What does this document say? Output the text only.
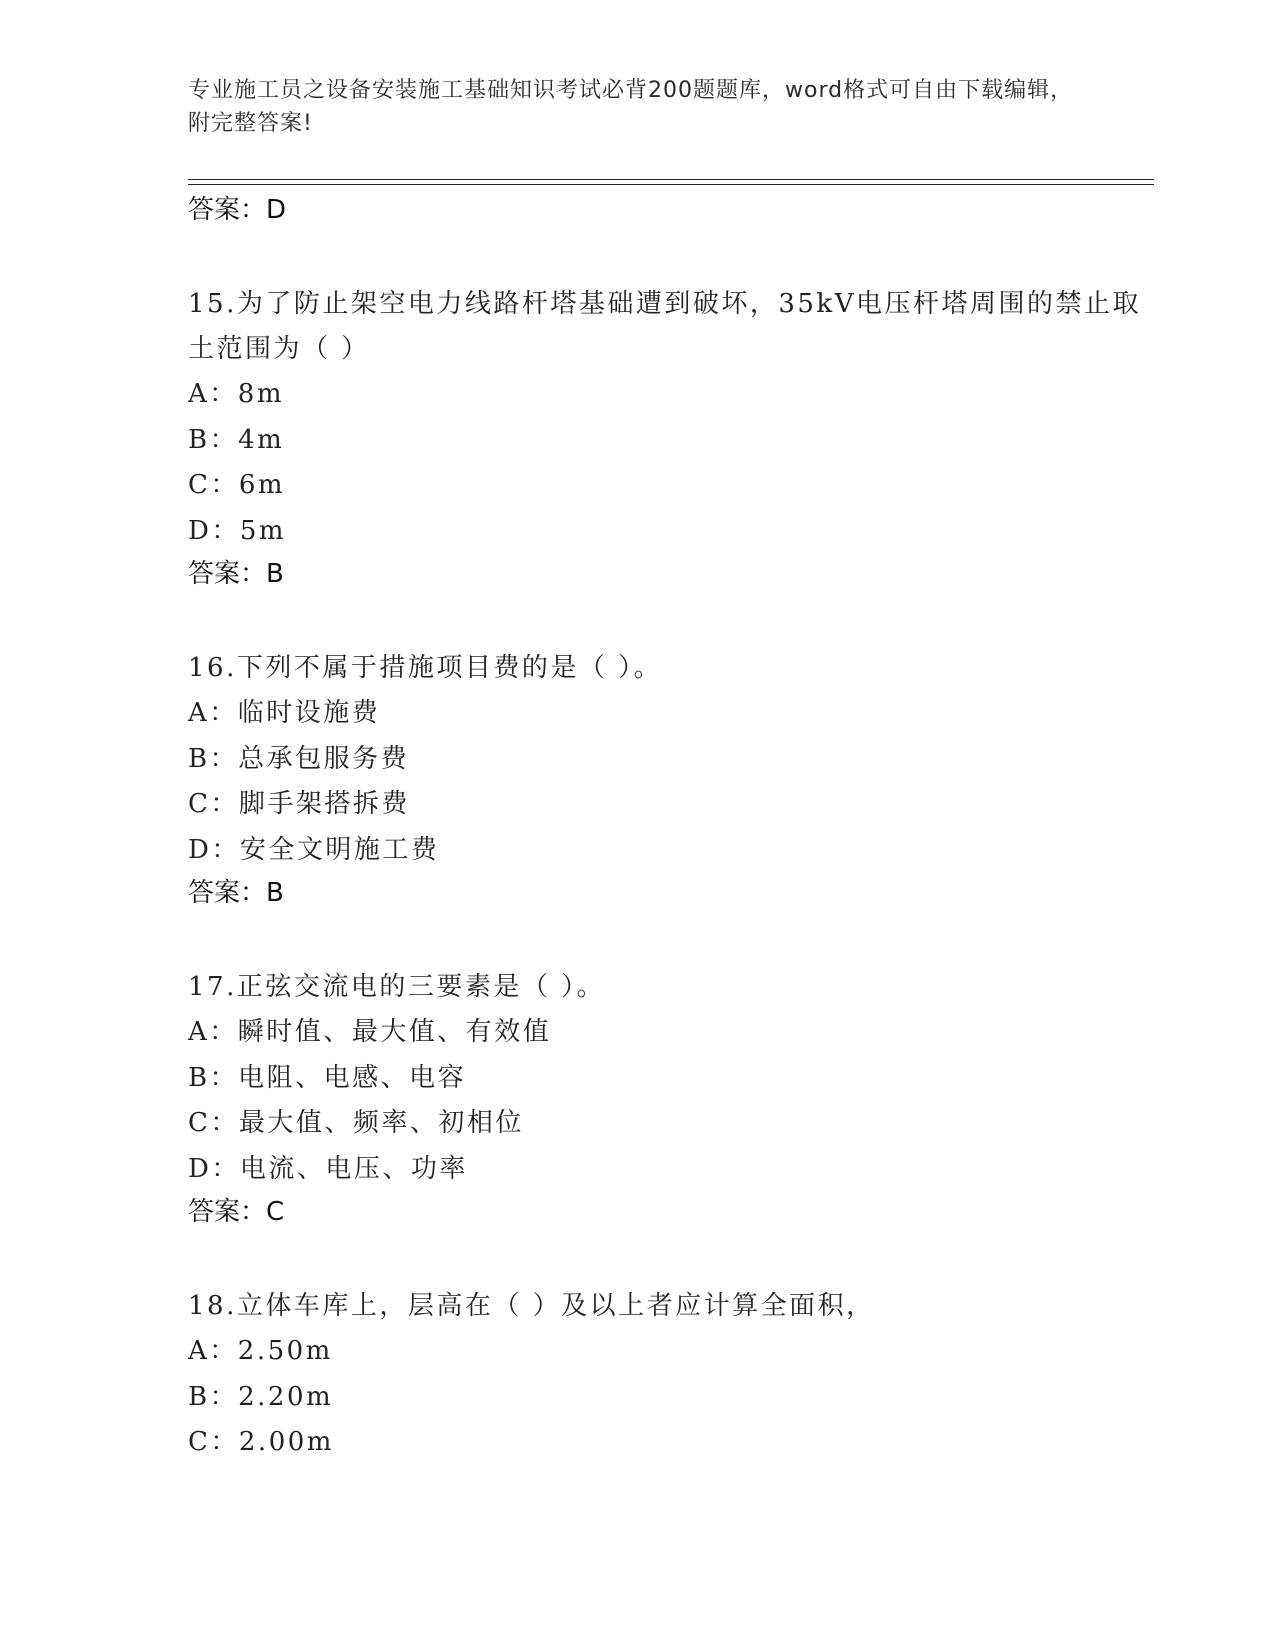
专业施工员之设备安装施工基础知识考试必背200题题库，word格式可自由下载编辑，附完整答案!
答案：D
15.为了防止架空电力线路杆塔基础遭到破坏，35kV电压杆塔周围的禁止取土范围为（ ）
A：8m
B：4m
C：6m
D：5m
答案：B
16.下列不属于措施项目费的是（ ）。
A：临时设施费
B：总承包服务费
C：脚手架搭拆费
D：安全文明施工费
答案：B
17.正弦交流电的三要素是（ ）。
A：瞬时值、最大值、有效值
B：电阻、电感、电容
C：最大值、频率、初相位
D：电流、电压、功率
答案：C
18.立体车库上，层高在（ ）及以上者应计算全面积，
A：2.50m
B：2.20m
C：2.00m
